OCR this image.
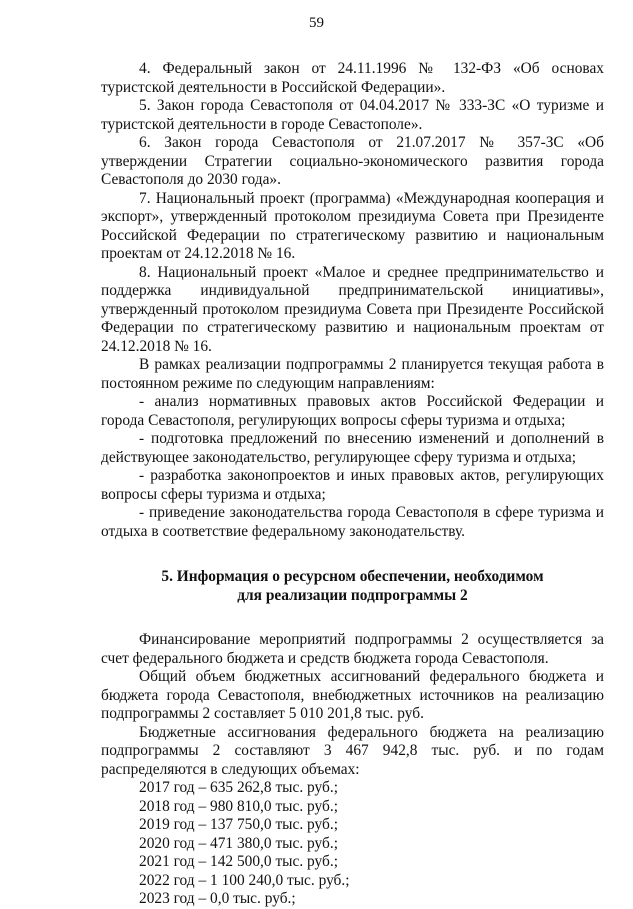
59

4. Федеральный закон от 24.11.1996 № 132-ФЗ «Об основах туристской деятельности в Российской Федерации».

5. Закон города Севастополя от 04.04.2017 № 333-ЗС «О туризме и туристской деятельности в городе Севастополе».

6. Закон города Севастополя от 21.07.2017 № 357-ЗС «Об утверждении Стратегии социально-экономического развития города Севастополя до 2030 года».

7. Национальный проект (программа) «Международная кооперация и экспорт», утвержденный протоколом президиума Совета при Президенте Российской Федерации по стратегическому развитию и национальным проектам от 24.12.2018 № 16.

8. Национальный проект «Малое и среднее предпринимательство и поддержка индивидуальной предпринимательской инициативы», утвержденный протоколом президиума Совета при Президенте Российской Федерации по стратегическому развитию и национальным проектам от 24.12.2018 № 16.

В рамках реализации подпрограммы 2 планируется текущая работа в постоянном режиме по следующим направлениям:

- анализ нормативных правовых актов Российской Федерации и города Севастополя, регулирующих вопросы сферы туризма и отдыха;

- подготовка предложений по внесению изменений и дополнений в действующее законодательство, регулирующее сферу туризма и отдыха;

- разработка законопроектов и иных правовых актов, регулирующих вопросы сферы туризма и отдыха;

- приведение законодательства города Севастополя в сфере туризма и отдыха в соответствие федеральному законодательству.

5. Информация о ресурсном обеспечении, необходимом
для реализации подпрограммы 2

Финансирование мероприятий подпрограммы 2 осуществляется за счет федерального бюджета и средств бюджета города Севастополя.

Общий объем бюджетных ассигнований федерального бюджета и бюджета города Севастополя, внебюджетных источников на реализацию подпрограммы 2 составляет 5 010 201,8 тыс. руб.

Бюджетные ассигнования федерального бюджета на реализацию подпрограммы 2 составляют 3 467 942,8 тыс. руб. и по годам распределяются в следующих объемах:

2017 год – 635 262,8 тыс. руб.;
2018 год – 980 810,0 тыс. руб.;
2019 год – 137 750,0 тыс. руб.;
2020 год – 471 380,0 тыс. руб.;
2021 год – 142 500,0 тыс. руб.;
2022 год – 1 100 240,0 тыс. руб.;
2023 год – 0,0 тыс. руб.;
